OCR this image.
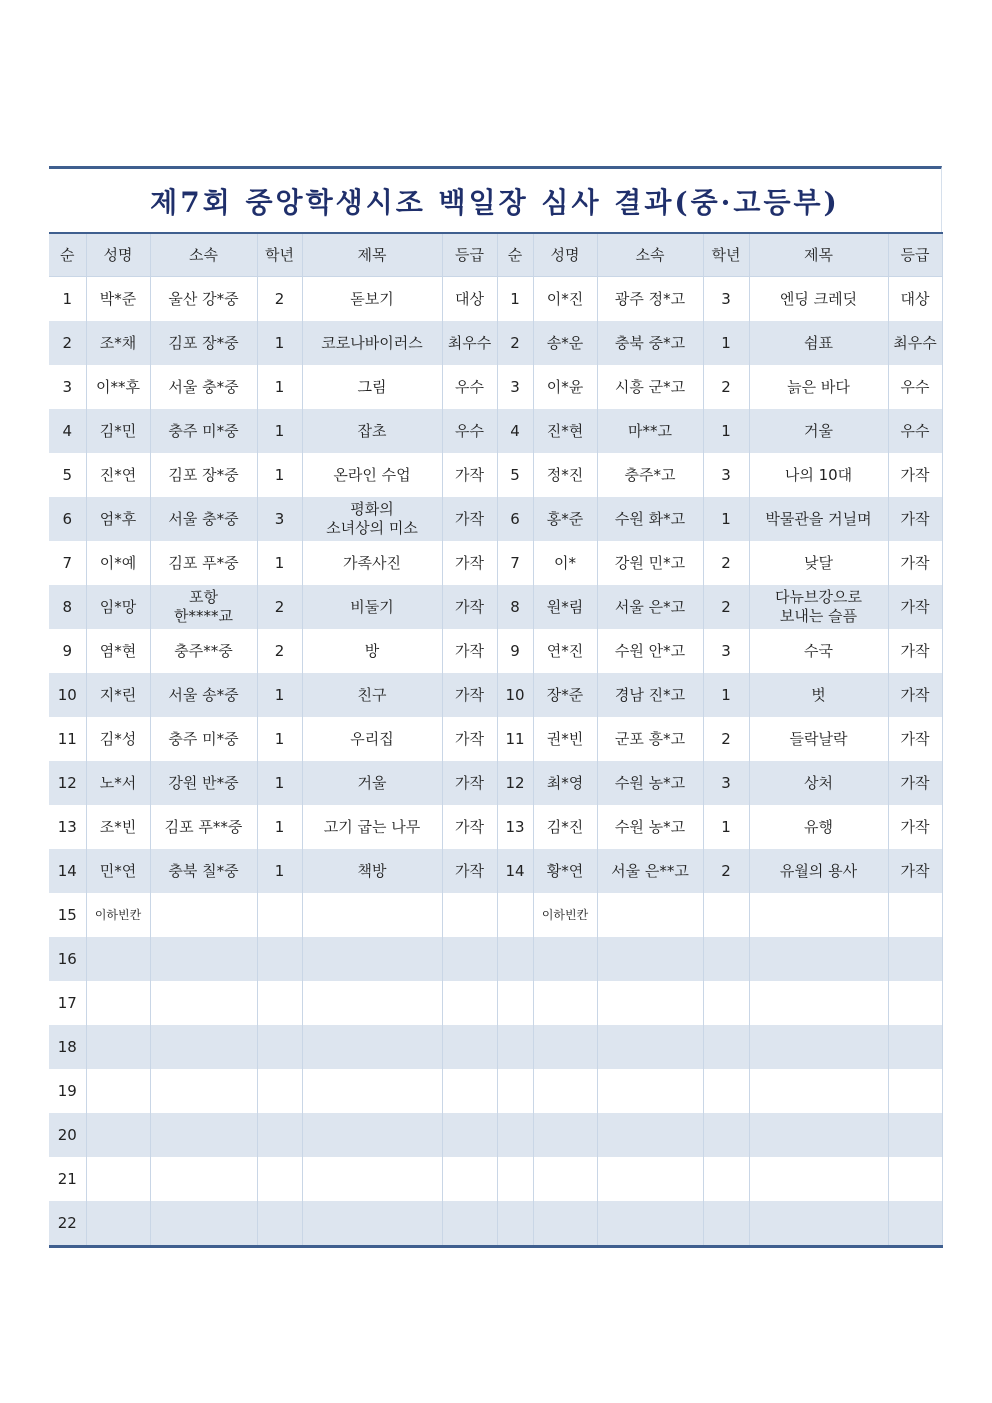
제7회 중앙학생시조 백일장 심사 결과(중·고등부)
순	성명	소속	학년	제목	등급	순	성명	소속	학년	제목	등급
1	박*준	울산 강*중	2	돋보기	대상	1	이*진	광주 정*고	3	엔딩 크레딧	대상
2	조*채	김포 장*중	1	코로나바이러스	최우수	2	송*운	충북 중*고	1	쉼표	최우수
3	이**후	서울 충*중	1	그림	우수	3	이*윤	시흥 군*고	2	늙은 바다	우수
4	김*민	충주 미*중	1	잡초	우수	4	진*현	마**고	1	거울	우수
5	진*연	김포 장*중	1	온라인 수업	가작	5	정*진	충주*고	3	나의 10대	가작
6	엄*후	서울 충*중	3	평화의
소녀상의 미소	가작	6	홍*준	수원 화*고	1	박물관을 거닐며	가작
7	이*예	김포 푸*중	1	가족사진	가작	7	이*	강원 민*고	2	낮달	가작
8	임*망	포항
한****교	2	비둘기	가작	8	원*림	서울 은*고	2	다뉴브강으로
보내는 슬픔	가작
9	염*현	충주**중	2	방	가작	9	연*진	수원 안*고	3	수국	가작
10	지*린	서울 송*중	1	친구	가작	10	장*준	경남 진*고	1	벗	가작
11	김*성	충주 미*중	1	우리집	가작	11	권*빈	군포 흥*고	2	들락날락	가작
12	노*서	강원 반*중	1	거울	가작	12	최*영	수원 농*고	3	상처	가작
13	조*빈	김포 푸**중	1	고기 굽는 나무	가작	13	김*진	수원 농*고	1	유행	가작
14	민*연	충북 칠*중	1	책방	가작	14	황*연	서울 은**고	2	유월의 용사	가작
15	이하빈칸						이하빈칸				
16											
17											
18											
19											
20											
21											
22											
